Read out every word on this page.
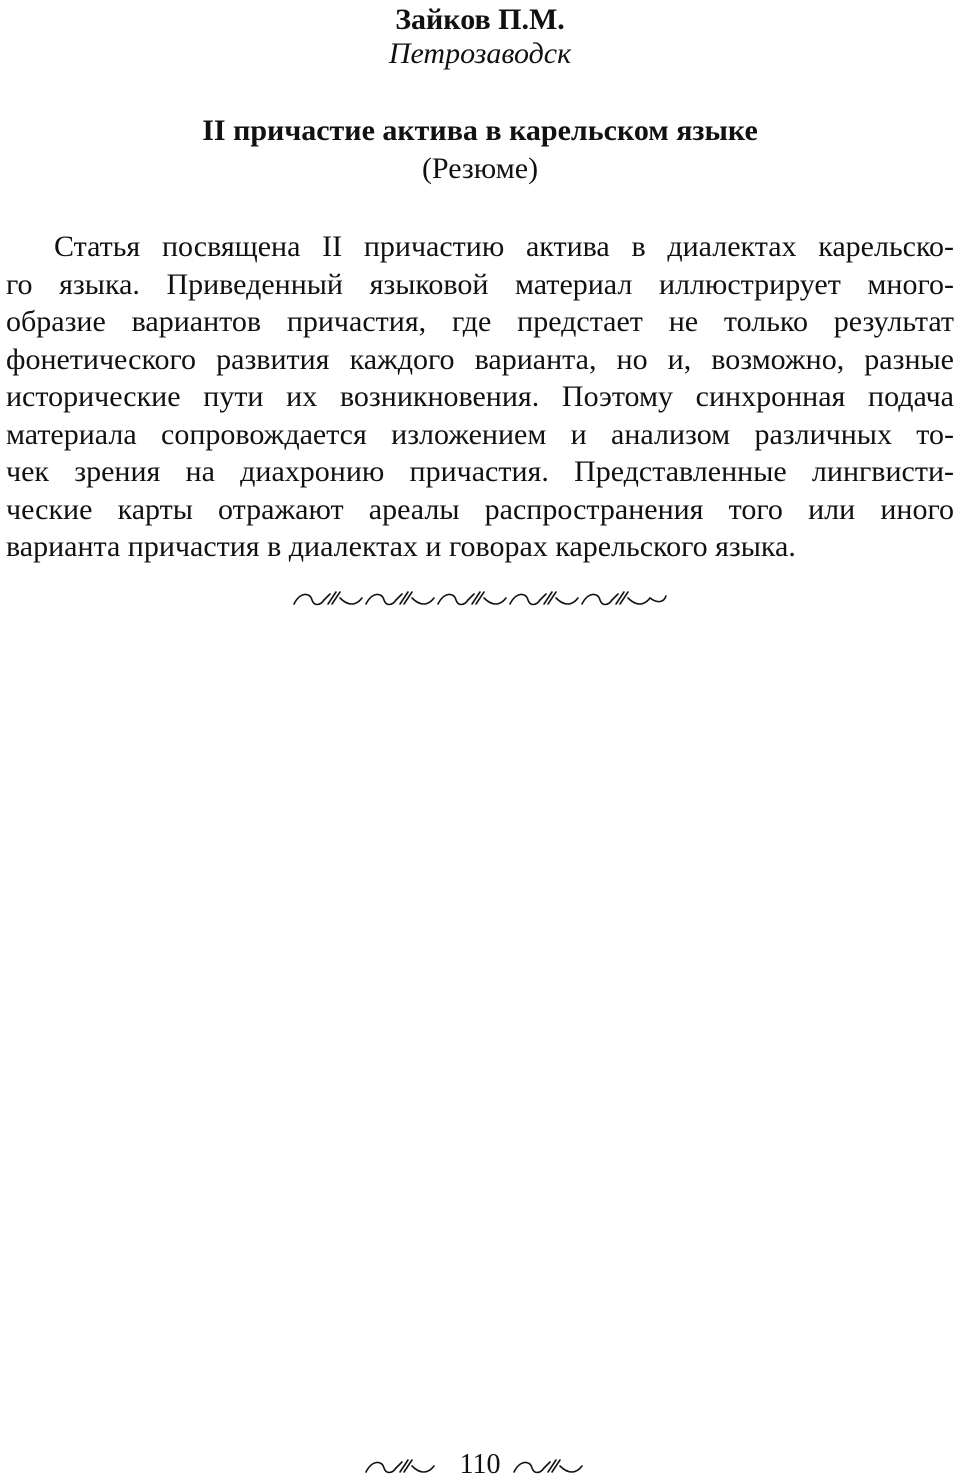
Зайков П.М.
Петрозаводск
II причастие актива в карельском языке
(Резюме)

Статья посвящена II причастию актива в диалектах карельско-
го языка. Приведенный языковой материал иллюстрирует много-
образие вариантов причастия, где предстает не только результат
фонетического развития каждого варианта, но и, возможно, разные
исторические пути их возникновения. Поэтому синхронная подача
материала сопровождается изложением и анализом различных то-
чек зрения на диахронию причастия. Представленные лингвисти-
ческие карты отражают ареалы распространения того или иного
варианта причастия в диалектах и говорах карельского языка.

110
